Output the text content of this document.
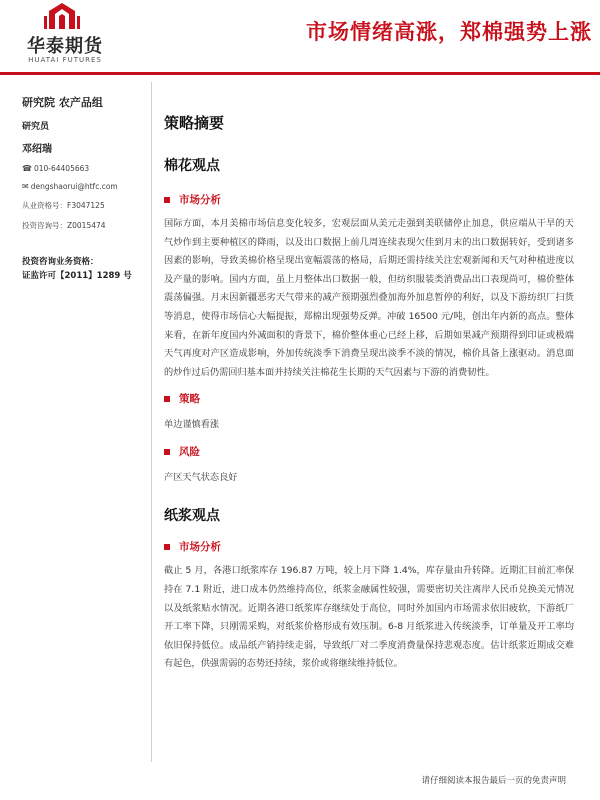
华泰期货
HUATAI FUTURES
市场情绪高涨，郑棉强势上涨
研究院 农产品组
研究员
邓绍瑞
☎ 010-64405663
✉ dengshaorui@htfc.com
从业资格号：F3047125
投资咨询号：Z0015474
投资咨询业务资格：
证监许可【2011】1289 号
策略摘要
棉花观点
市场分析
国际方面，本月美棉市场信息变化较多，宏观层面从美元走强到美联储停止加息，供应端从干旱的天气炒作到主要种植区的降雨，以及出口数据上前几周连续表现欠佳到月末的出口数据转好，受到诸多因素的影响，导致美棉价格呈现出宽幅震荡的格局，后期还需持续关注宏观新闻和天气对种植进度以及产量的影响。国内方面，虽上月整体出口数据一般，但纺织服装类消费品出口表现尚可，棉价整体震荡偏强。月末因新疆恶劣天气带来的减产预期强烈叠加海外加息暂停的利好，以及下游纺织厂扫货等消息，使得市场信心大幅提振，郑棉出现强势反弹。冲破 16500 元/吨，创出年内新的高点。整体来看，在新年度国内外减面积的背景下，棉价整体重心已经上移，后期如果减产预期得到印证或极端天气再度对产区造成影响，外加传统淡季下消费呈现出淡季不淡的情况，棉价具备上涨驱动。消息面的炒作过后仍需回归基本面并持续关注棉花生长期的天气因素与下游的消费韧性。
策略
单边谨慎看涨
风险
产区天气状态良好
纸浆观点
市场分析
截止 5 月，各港口纸浆库存 196.87 万吨，较上月下降 1.4%，库存量由升转降。近期汇目前汇率保持在 7.1 附近，进口成本仍然维持高位，纸浆金融属性较强，需要密切关注离岸人民币兑换美元情况以及纸浆贴水情况。近期各港口纸浆库存继续处于高位，同时外加国内市场需求依旧疲软，下游纸厂开工率下降，只刚需采购，对纸浆价格形成有效压制。6-8 月纸浆进入传统淡季，订单量及开工率均依旧保持低位。成品纸产销持续走弱，导致纸厂对二季度消费量保持悲观态度。估计纸浆近期成交难有起色，供强需弱的态势还持续，浆价或将继续维持低位。
请仔细阅读本报告最后一页的免责声明
